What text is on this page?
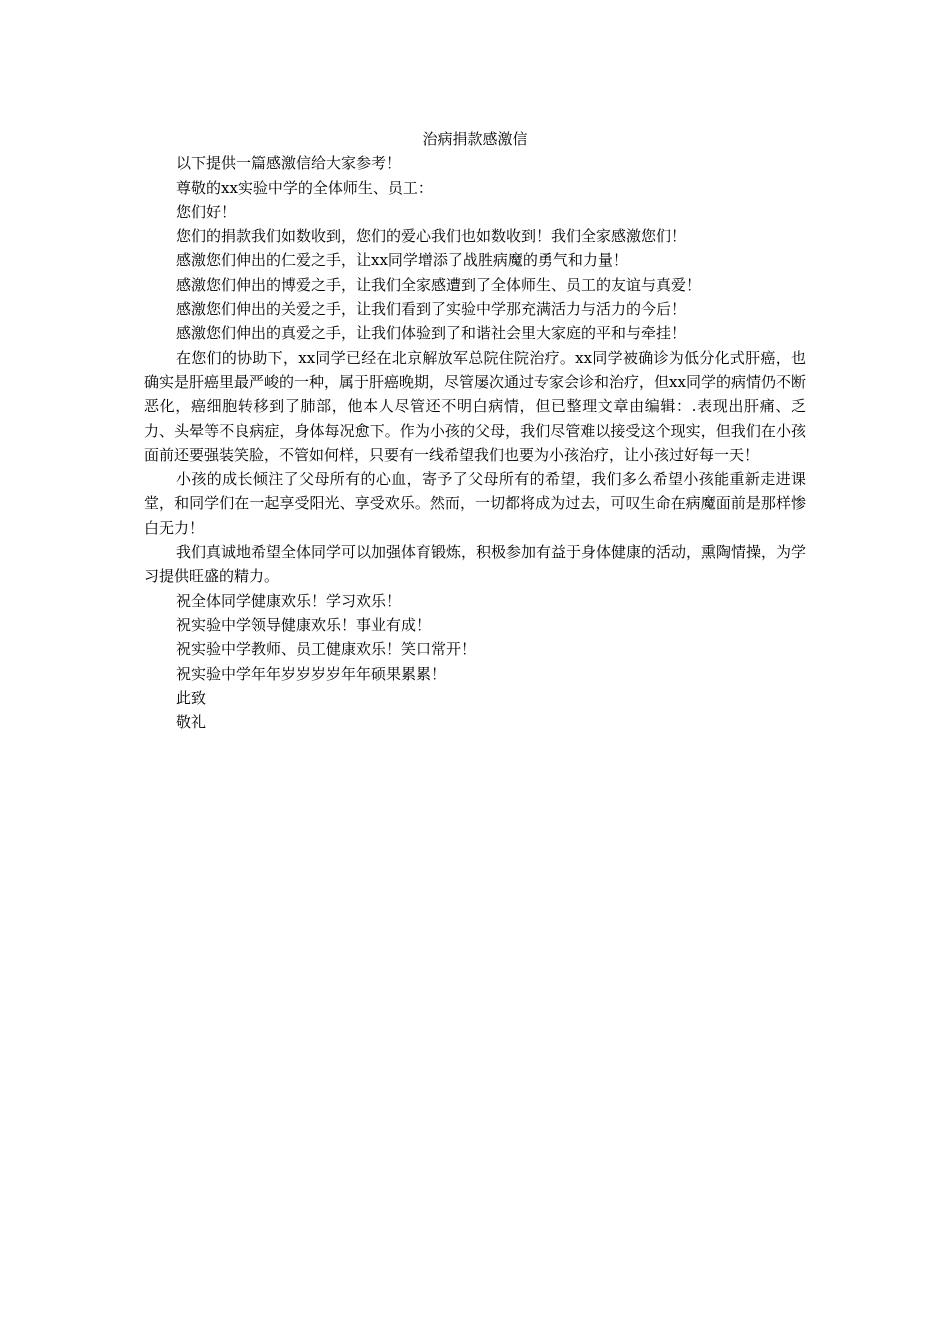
治病捐款感激信

以下提供一篇感激信给大家参考！

尊敬的xx实验中学的全体师生、员工：

您们好！

您们的捐款我们如数收到，您们的爱心我们也如数收到！我们全家感激您们！

感激您们伸出的仁爱之手，让xx同学增添了战胜病魔的勇气和力量！

感激您们伸出的博爱之手，让我们全家感遭到了全体师生、员工的友谊与真爱！

感激您们伸出的关爱之手，让我们看到了实验中学那充满活力与活力的今后！

感激您们伸出的真爱之手，让我们体验到了和谐社会里大家庭的平和与牵挂！

在您们的协助下，xx同学已经在北京解放军总院住院治疗。xx同学被确诊为低分化式肝癌，也确实是肝癌里最严峻的一种，属于肝癌晚期，尽管屡次通过专家会诊和治疗，但xx同学的病情仍不断恶化，癌细胞转移到了肺部，他本人尽管还不明白病情，但已整理文章由编辑：.表现出肝痛、乏力、头晕等不良病症，身体每况愈下。作为小孩的父母，我们尽管难以接受这个现实，但我们在小孩面前还要强装笑脸，不管如何样，只要有一线希望我们也要为小孩治疗，让小孩过好每一天！

小孩的成长倾注了父母所有的心血，寄予了父母所有的希望，我们多么希望小孩能重新走进课堂，和同学们在一起享受阳光、享受欢乐。然而，一切都将成为过去，可叹生命在病魔面前是那样惨白无力！

我们真诚地希望全体同学可以加强体育锻炼，积极参加有益于身体健康的活动，熏陶情操，为学习提供旺盛的精力。

祝全体同学健康欢乐！学习欢乐！

祝实验中学领导健康欢乐！事业有成！

祝实验中学教师、员工健康欢乐！笑口常开！

祝实验中学年年岁岁岁岁年年硕果累累！

此致

敬礼
